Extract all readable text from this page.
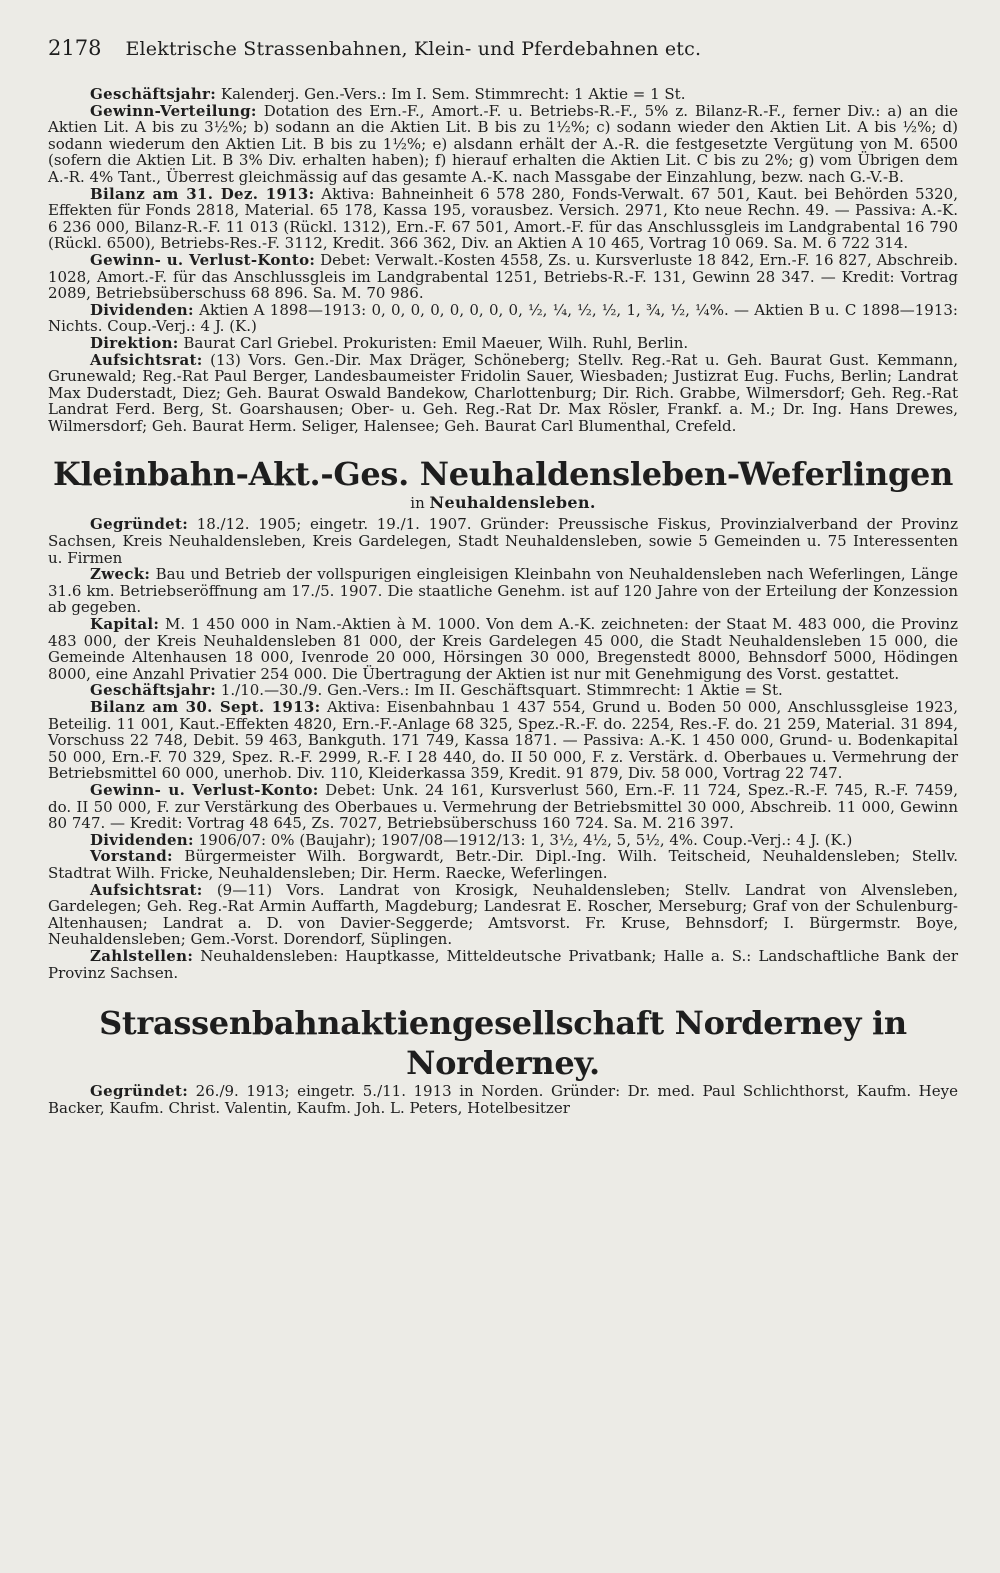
2178 Elektrische Strassenbahnen, Klein- und Pferdebahnen etc.

Geschäftsjahr: Kalenderj. Gen.-Vers.: Im I. Sem. Stimmrecht: 1 Aktie = 1 St.

Gewinn-Verteilung: Dotation des Ern.-F., Amort.-F. u. Betriebs-R.-F., 5% z. Bilanz-R.-F., ferner Div.: a) an die Aktien Lit. A bis zu 3½%; b) sodann an die Aktien Lit. B bis zu 1½%; c) sodann wieder den Aktien Lit. A bis ½%; d) sodann wiederum den Aktien Lit. B bis zu 1½%; e) alsdann erhält der A.-R. die festgesetzte Vergütung von M. 6500 (sofern die Aktien Lit. B 3% Div. erhalten haben); f) hierauf erhalten die Aktien Lit. C bis zu 2%; g) vom Übrigen dem A.-R. 4% Tant., Überrest gleichmässig auf das gesamte A.-K. nach Massgabe der Einzahlung, bezw. nach G.-V.-B.

Bilanz am 31. Dez. 1913: Aktiva: Bahneinheit 6 578 280, Fonds-Verwalt. 67 501, Kaut. bei Behörden 5320, Effekten für Fonds 2818, Material. 65 178, Kassa 195, vorausbez. Versich. 2971, Kto neue Rechn. 49. — Passiva: A.-K. 6 236 000, Bilanz-R.-F. 11 013 (Rückl. 1312), Ern.-F. 67 501, Amort.-F. für das Anschlussgleis im Landgrabental 16 790 (Rückl. 6500), Betriebs-Res.-F. 3112, Kredit. 366 362, Div. an Aktien A 10 465, Vortrag 10 069. Sa. M. 6 722 314.

Gewinn- u. Verlust-Konto: Debet: Verwalt.-Kosten 4558, Zs. u. Kursverluste 18 842, Ern.-F. 16 827, Abschreib. 1028, Amort.-F. für das Anschlussgleis im Landgrabental 1251, Betriebs-R.-F. 131, Gewinn 28 347. — Kredit: Vortrag 2089, Betriebsüberschuss 68 896. Sa. M. 70 986.

Dividenden: Aktien A 1898—1913: 0, 0, 0, 0, 0, 0, 0, 0, ½, ¼, ½, ½, 1, ¾, ½, ¼%. — Aktien B u. C 1898—1913: Nichts. Coup.-Verj.: 4 J. (K.)

Direktion: Baurat Carl Griebel. Prokuristen: Emil Maeuer, Wilh. Ruhl, Berlin.

Aufsichtsrat: (13) Vors. Gen.-Dir. Max Dräger, Schöneberg; Stellv. Reg.-Rat u. Geh. Baurat Gust. Kemmann, Grunewald; Reg.-Rat Paul Berger, Landesbaumeister Fridolin Sauer, Wiesbaden; Justizrat Eug. Fuchs, Berlin; Landrat Max Duderstadt, Diez; Geh. Baurat Oswald Bandekow, Charlottenburg; Dir. Rich. Grabbe, Wilmersdorf; Geh. Reg.-Rat Landrat Ferd. Berg, St. Goarshausen; Ober- u. Geh. Reg.-Rat Dr. Max Rösler, Frankf. a. M.; Dr. Ing. Hans Drewes, Wilmersdorf; Geh. Baurat Herm. Seliger, Halensee; Geh. Baurat Carl Blumenthal, Crefeld.

Kleinbahn-Akt.-Ges. Neuhaldensleben-Weferlingen

in Neuhaldensleben.

Gegründet: 18./12. 1905; eingetr. 19./1. 1907. Gründer: Preussische Fiskus, Provinzialverband der Provinz Sachsen, Kreis Neuhaldensleben, Kreis Gardelegen, Stadt Neuhaldensleben, sowie 5 Gemeinden u. 75 Interessenten u. Firmen

Zweck: Bau und Betrieb der vollspurigen eingleisigen Kleinbahn von Neuhaldensleben nach Weferlingen, Länge 31.6 km. Betriebseröffnung am 17./5. 1907. Die staatliche Genehm. ist auf 120 Jahre von der Erteilung der Konzession ab gegeben.

Kapital: M. 1 450 000 in Nam.-Aktien à M. 1000. Von dem A.-K. zeichneten: der Staat M. 483 000, die Provinz 483 000, der Kreis Neuhaldensleben 81 000, der Kreis Gardelegen 45 000, die Stadt Neuhaldensleben 15 000, die Gemeinde Altenhausen 18 000, Ivenrode 20 000, Hörsingen 30 000, Bregenstedt 8000, Behnsdorf 5000, Hödingen 8000, eine Anzahl Privatier 254 000. Die Übertragung der Aktien ist nur mit Genehmigung des Vorst. gestattet.

Geschäftsjahr: 1./10.—30./9. Gen.-Vers.: Im II. Geschäftsquart. Stimmrecht: 1 Aktie = St.

Bilanz am 30. Sept. 1913: Aktiva: Eisenbahnbau 1 437 554, Grund u. Boden 50 000, Anschlussgleise 1923, Beteilig. 11 001, Kaut.-Effekten 4820, Ern.-F.-Anlage 68 325, Spez.-R.-F. do. 2254, Res.-F. do. 21 259, Material. 31 894, Vorschuss 22 748, Debit. 59 463, Bankguth. 171 749, Kassa 1871. — Passiva: A.-K. 1 450 000, Grund- u. Bodenkapital 50 000, Ern.-F. 70 329, Spez. R.-F. 2999, R.-F. I 28 440, do. II 50 000, F. z. Verstärk. d. Oberbaues u. Vermehrung der Betriebsmittel 60 000, unerhob. Div. 110, Kleiderkassa 359, Kredit. 91 879, Div. 58 000, Vortrag 22 747.

Gewinn- u. Verlust-Konto: Debet: Unk. 24 161, Kursverlust 560, Ern.-F. 11 724, Spez.-R.-F. 745, R.-F. 7459, do. II 50 000, F. zur Verstärkung des Oberbaues u. Vermehrung der Betriebsmittel 30 000, Abschreib. 11 000, Gewinn 80 747. — Kredit: Vortrag 48 645, Zs. 7027, Betriebsüberschuss 160 724. Sa. M. 216 397.

Dividenden: 1906/07: 0% (Baujahr); 1907/08—1912/13: 1, 3½, 4½, 5, 5½, 4%. Coup.-Verj.: 4 J. (K.)

Vorstand: Bürgermeister Wilh. Borgwardt, Betr.-Dir. Dipl.-Ing. Wilh. Teitscheid, Neuhaldensleben; Stellv. Stadtrat Wilh. Fricke, Neuhaldensleben; Dir. Herm. Raecke, Weferlingen.

Aufsichtsrat: (9—11) Vors. Landrat von Krosigk, Neuhaldensleben; Stellv. Landrat von Alvensleben, Gardelegen; Geh. Reg.-Rat Armin Auffarth, Magdeburg; Landesrat E. Roscher, Merseburg; Graf von der Schulenburg-Altenhausen; Landrat a. D. von Davier-Seggerde; Amtsvorst. Fr. Kruse, Behnsdorf; I. Bürgermstr. Boye, Neuhaldensleben; Gem.-Vorst. Dorendorf, Süplingen.

Zahlstellen: Neuhaldensleben: Hauptkasse, Mitteldeutsche Privatbank; Halle a. S.: Landschaftliche Bank der Provinz Sachsen.

Strassenbahnaktiengesellschaft Norderney in Norderney.

Gegründet: 26./9. 1913; eingetr. 5./11. 1913 in Norden. Gründer: Dr. med. Paul Schlichthorst, Kaufm. Heye Backer, Kaufm. Christ. Valentin, Kaufm. Joh. L. Peters, Hotelbesitzer
